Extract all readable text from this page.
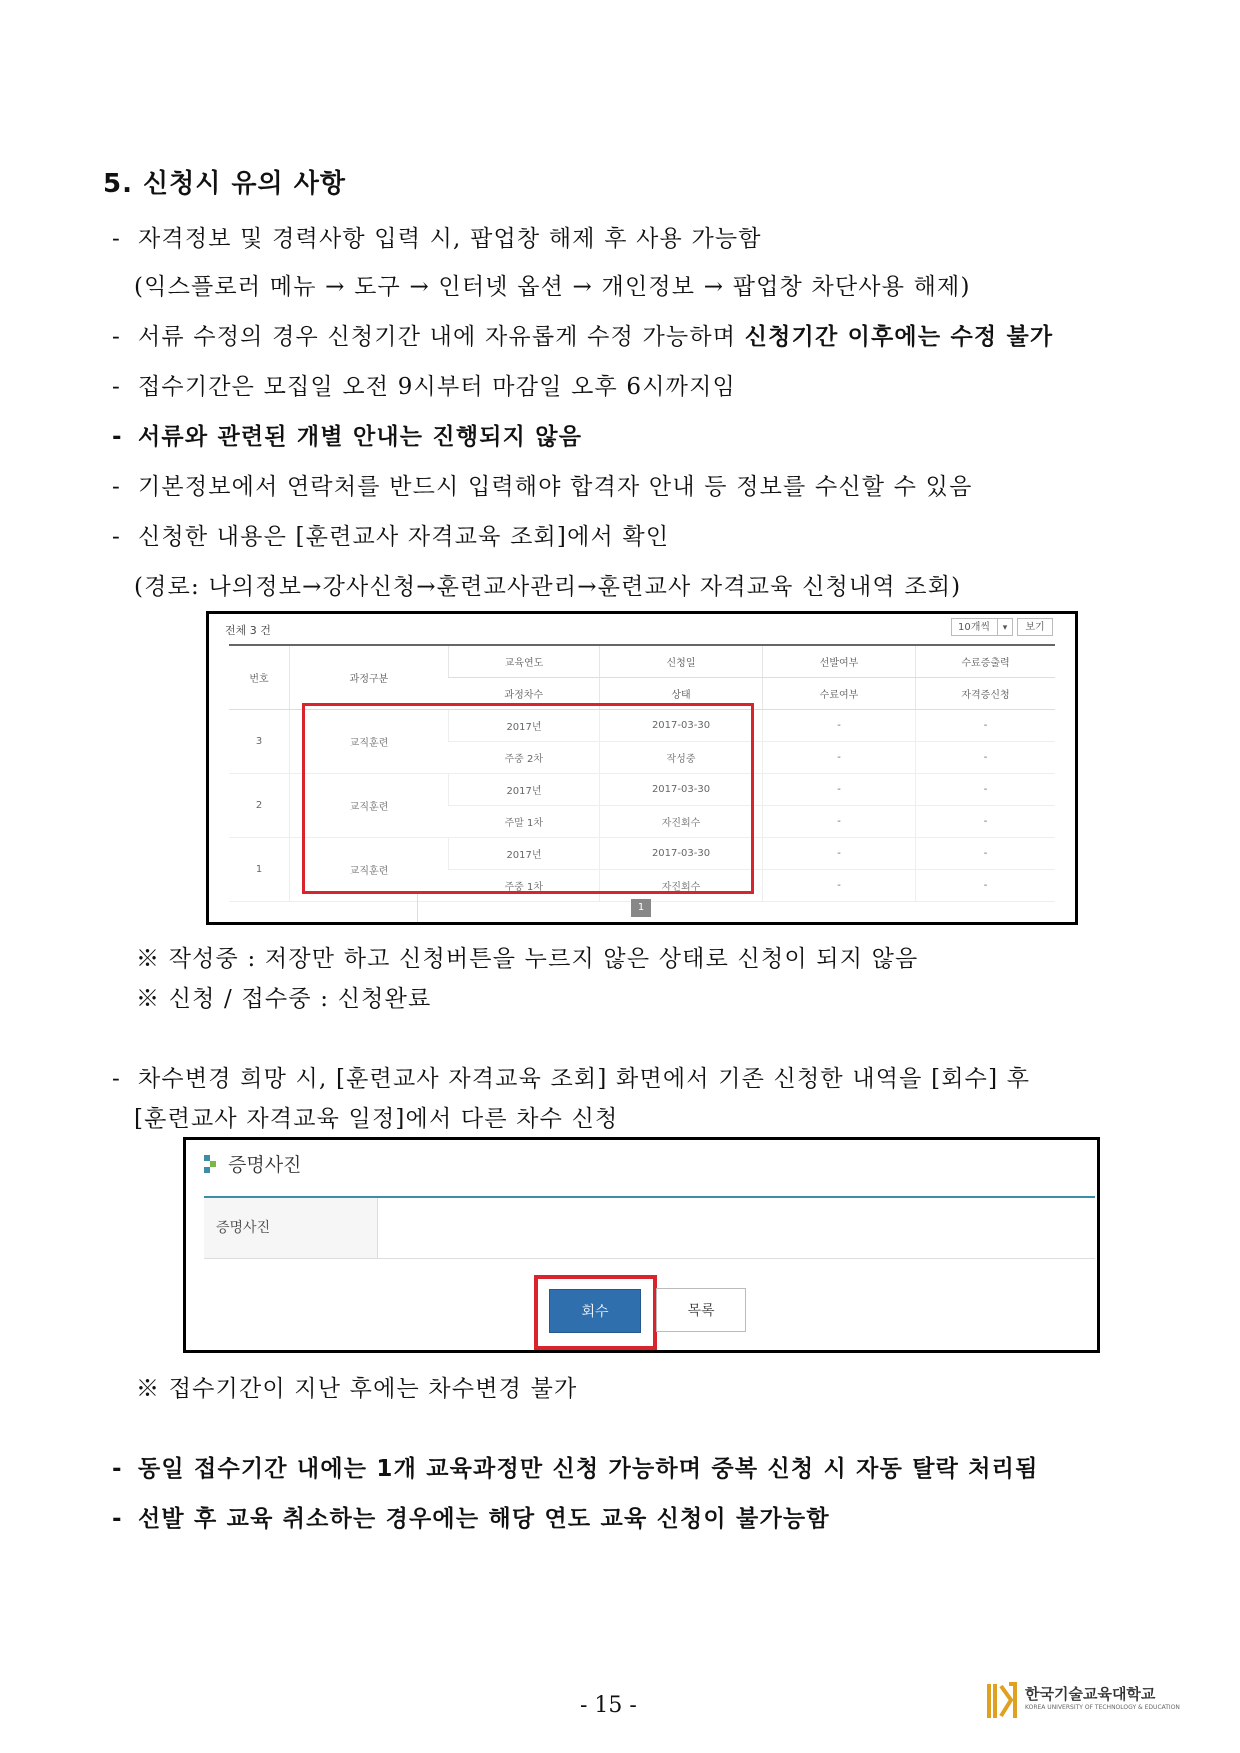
5. 신청시 유의 사항
- 자격정보 및 경력사항 입력 시, 팝업창 해제 후 사용 가능함
(익스플로러 메뉴 → 도구 → 인터넷 옵션 → 개인정보 → 팝업창 차단사용 해제)
- 서류 수정의 경우 신청기간 내에 자유롭게 수정 가능하며 신청기간 이후에는 수정 불가
- 접수기간은 모집일 오전 9시부터 마감일 오후 6시까지임
- 서류와 관련된 개별 안내는 진행되지 않음
- 기본정보에서 연락처를 반드시 입력해야 합격자 안내 등 정보를 수신할 수 있음
- 신청한 내용은 [훈련교사 자격교육 조회]에서 확인
(경로: 나의정보→강사신청→훈련교사관리→훈련교사 자격교육 신청내역 조회)
전체 3 건	10개씩	▾	보기
번호	과정구분	교육연도	신청일	선발여부	수료증출력
		과정차수	상태	수료여부	자격증신청
3	교직훈련	2017년	2017-03-30	-	-
		주중 2차	작성중	-	-
2	교직훈련	2017년	2017-03-30	-	-
		주말 1차	자진회수	-	-
1	교직훈련	2017년	2017-03-30	-	-
		주중 1차	자진회수	-	-
1
※ 작성중 : 저장만 하고 신청버튼을 누르지 않은 상태로 신청이 되지 않음
※ 신청 / 접수중 : 신청완료
- 차수변경 희망 시, [훈련교사 자격교육 조회] 화면에서 기존 신청한 내역을 [회수] 후
[훈련교사 자격교육 일정]에서 다른 차수 신청
증명사진
증명사진
회수	목록
※ 접수기간이 지난 후에는 차수변경 불가
- 동일 접수기간 내에는 1개 교육과정만 신청 가능하며 중복 신청 시 자동 탈락 처리됨
- 선발 후 교육 취소하는 경우에는 해당 연도 교육 신청이 불가능함
- 15 -	한국기술교육대학교
KOREA UNIVERSITY OF TECHNOLOGY & EDUCATION
